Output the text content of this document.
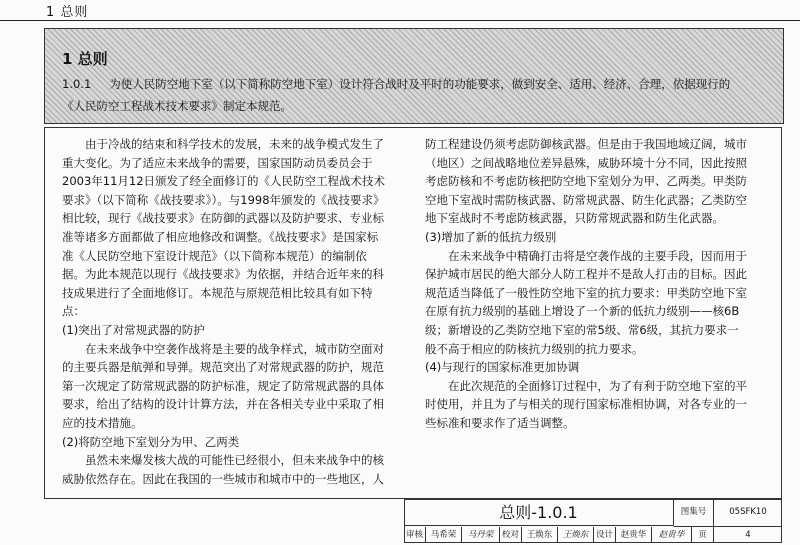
1 总则
1 总则
1.0.1 为使人民防空地下室（以下简称防空地下室）设计符合战时及平时的功能要求，做到安全、适用、经济、合理，依据现行的《人民防空工程战术技术要求》制定本规范。

由于冷战的结束和科学技术的发展，未来的战争模式发生了重大变化。为了适应未来战争的需要，国家国防动员委员会于2003年11月12日颁发了经全面修订的《人民防空工程战术技术要求》（以下简称《战技要求》）。与1998年颁发的《战技要求》相比较，现行《战技要求》在防御的武器以及防护要求、专业标准等诸多方面都做了相应地修改和调整。《战技要求》是国家标准《人民防空地下室设计规范》（以下简称本规范）的编制依据。为此本规范以现行《战技要求》为依据，并结合近年来的科技成果进行了全面地修订。本规范与原规范相比较具有如下特点：

(1)突出了对常规武器的防护

在未来战争中空袭作战将是主要的战争样式，城市防空面对的主要兵器是航弹和导弹。规范突出了对常规武器的防护，规范第一次规定了防常规武器的防护标准，规定了防常规武器的具体要求，给出了结构的设计计算方法，并在各相关专业中采取了相应的技术措施。

(2)将防空地下室划分为甲、乙两类

虽然未来爆发核大战的可能性已经很小，但未来战争中的核威胁依然存在。因此在我国的一些城市和城市中的一些地区，人

防工程建设仍须考虑防御核武器。但是由于我国地域辽阔，城市（地区）之间战略地位差异悬殊，威胁环境十分不同，因此按照考虑防核和不考虑防核把防空地下室划分为甲、乙两类。甲类防空地下室战时需防核武器、防常规武器、防生化武器；乙类防空地下室战时不考虑防核武器，只防常规武器和防生化武器。

(3)增加了新的低抗力级别

在未来战争中精确打击将是空袭作战的主要手段，因而用于保护城市居民的绝大部分人防工程并不是敌人打击的目标。因此规范适当降低了一般性防空地下室的抗力要求：甲类防空地下室在原有抗力级别的基础上增设了一个新的低抗力级别——核6B级；新增设的乙类防空地下室的常5级、常6级，其抗力要求一般不高于相应的防核抗力级别的抗力要求。

(4)与现行的国家标准更加协调

在此次规范的全面修订过程中，为了有利于防空地下室的平时使用，并且为了与相关的现行国家标准相协调，对各专业的一些标准和要求作了适当调整。

总则-1.0.1	图集号	05SFK10
审核 马希荣	马丹荣	校对 王焕东	王焕东 设计 赵贵华	赵贵华	页	4
